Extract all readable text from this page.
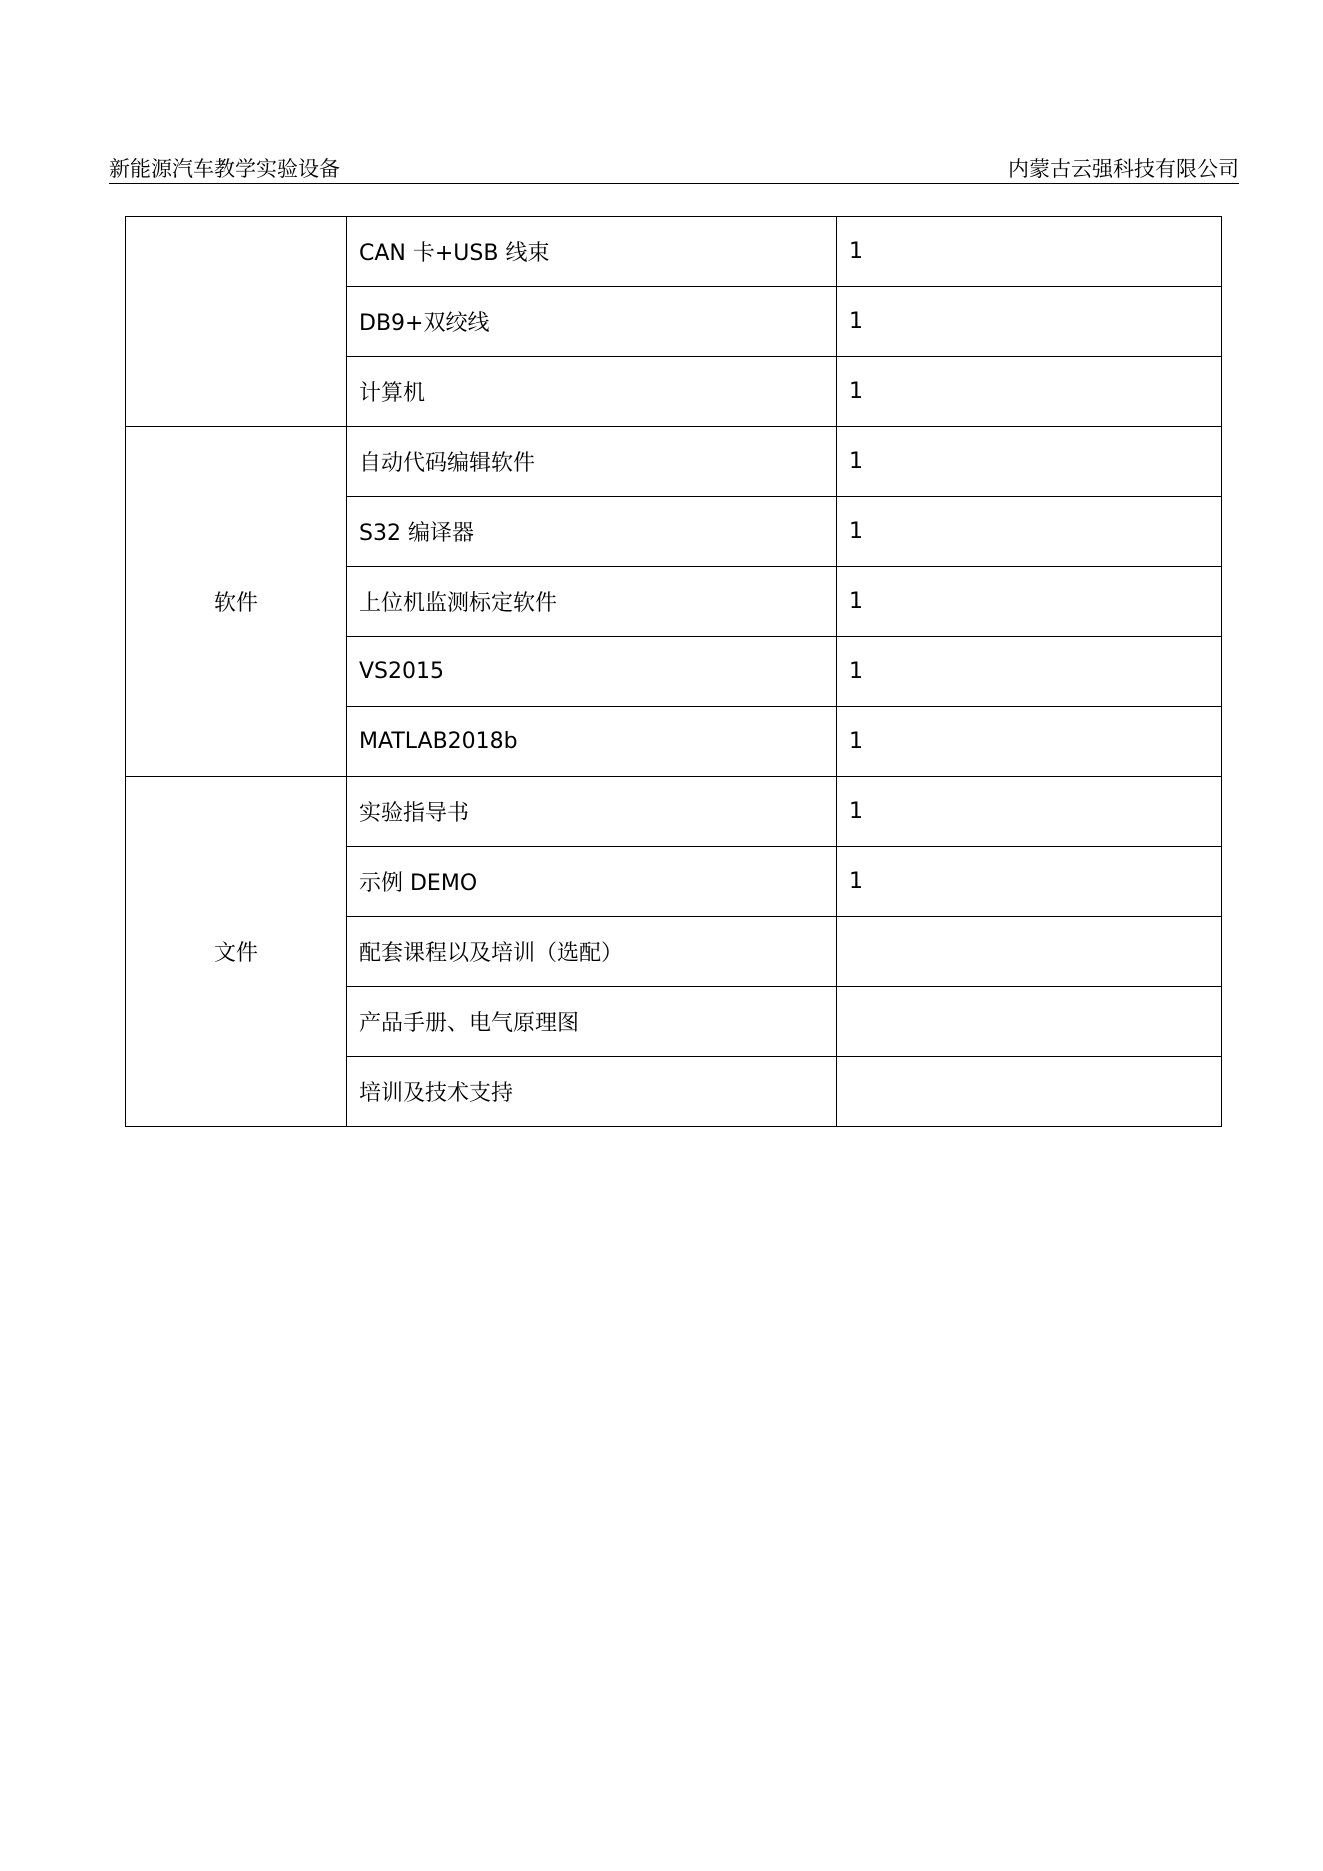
新能源汽车教学实验设备	内蒙古云强科技有限公司
	CAN 卡+USB 线束	1
	DB9+双绞线	1
	计算机	1
软件	自动代码编辑软件	1
	S32 编译器	1
	上位机监测标定软件	1
	VS2015	1
	MATLAB2018b	1
文件	实验指导书	1
	示例 DEMO	1
	配套课程以及培训（选配）	
	产品手册、电气原理图	
	培训及技术支持	
